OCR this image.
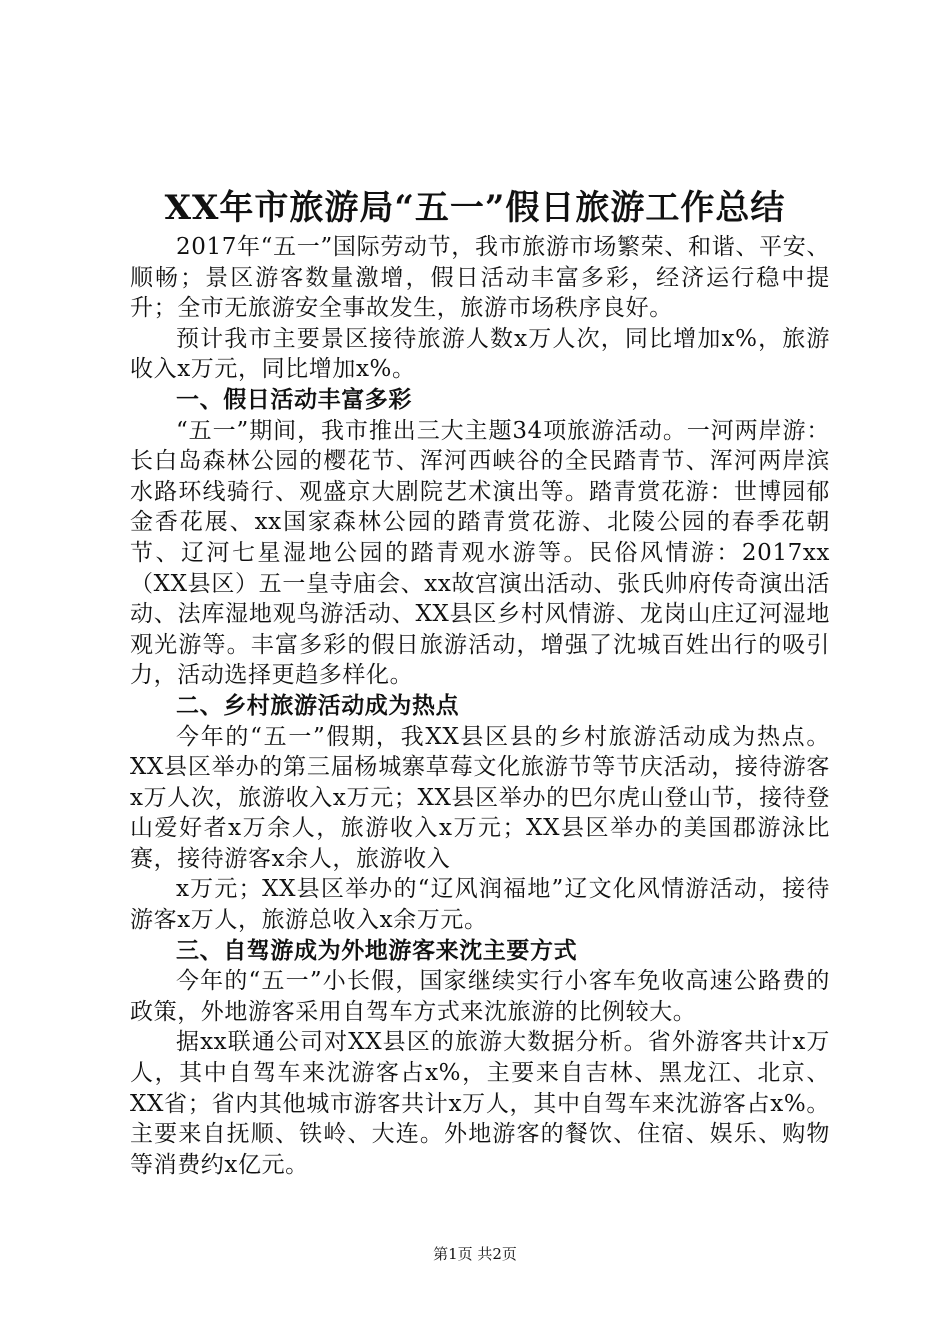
XX年市旅游局“五一”假日旅游工作总结

2017年“五一”国际劳动节，我市旅游市场繁荣、和谐、平安、顺畅；景区游客数量激增，假日活动丰富多彩，经济运行稳中提升；全市无旅游安全事故发生，旅游市场秩序良好。

预计我市主要景区接待旅游人数x万人次，同比增加x%，旅游收入x万元，同比增加x%。

一、假日活动丰富多彩

“五一”期间，我市推出三大主题34项旅游活动。一河两岸游：长白岛森林公园的樱花节、浑河西峡谷的全民踏青节、浑河两岸滨水路环线骑行、观盛京大剧院艺术演出等。踏青赏花游：世博园郁金香花展、xx国家森林公园的踏青赏花游、北陵公园的春季花朝节、辽河七星湿地公园的踏青观水游等。民俗风情游：2017xx（XX县区）五一皇寺庙会、xx故宫演出活动、张氏帅府传奇演出活动、法库湿地观鸟游活动、XX县区乡村风情游、龙岗山庄辽河湿地观光游等。丰富多彩的假日旅游活动，增强了沈城百姓出行的吸引力，活动选择更趋多样化。

二、乡村旅游活动成为热点

今年的“五一”假期，我XX县区县的乡村旅游活动成为热点。XX县区举办的第三届杨城寨草莓文化旅游节等节庆活动，接待游客x万人次，旅游收入x万元；XX县区举办的巴尔虎山登山节，接待登山爱好者x万余人，旅游收入x万元；XX县区举办的美国郡游泳比赛，接待游客x余人，旅游收入

x万元；XX县区举办的“辽风润福地”辽文化风情游活动，接待游客x万人，旅游总收入x余万元。

三、自驾游成为外地游客来沈主要方式

今年的“五一”小长假，国家继续实行小客车免收高速公路费的政策，外地游客采用自驾车方式来沈旅游的比例较大。

据xx联通公司对XX县区的旅游大数据分析。省外游客共计x万人，其中自驾车来沈游客占x%，主要来自吉林、黑龙江、北京、XX省；省内其他城市游客共计x万人，其中自驾车来沈游客占x%。主要来自抚顺、铁岭、大连。外地游客的餐饮、住宿、娱乐、购物等消费约x亿元。

第1页 共2页
